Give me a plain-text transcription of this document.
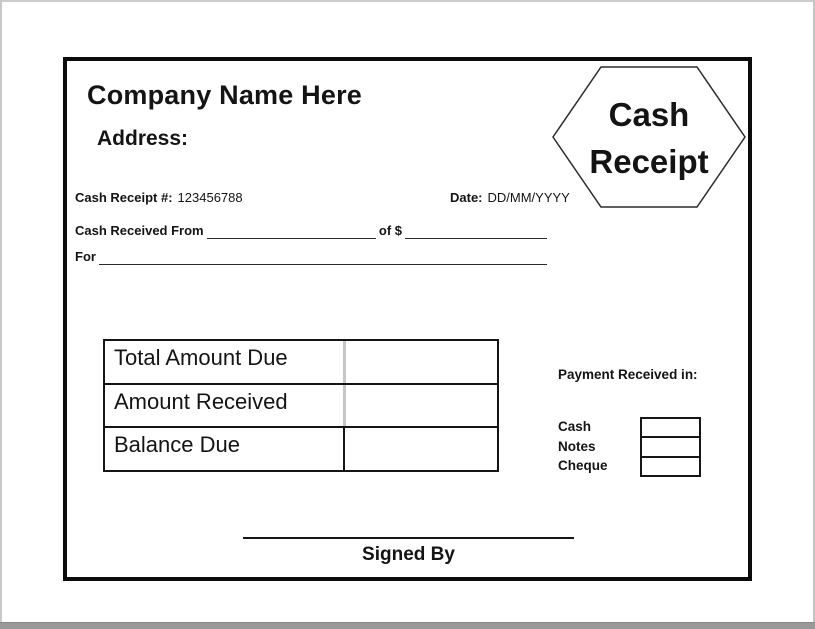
Company Name Here
Address:
Cash
Receipt
Cash Receipt #: 123456788	Date: DD/MM/YYYY
Cash Received From	of $
For
Total Amount Due
Amount Received
Balance Due
Payment Received in:
Cash
Notes
Cheque
Signed By
